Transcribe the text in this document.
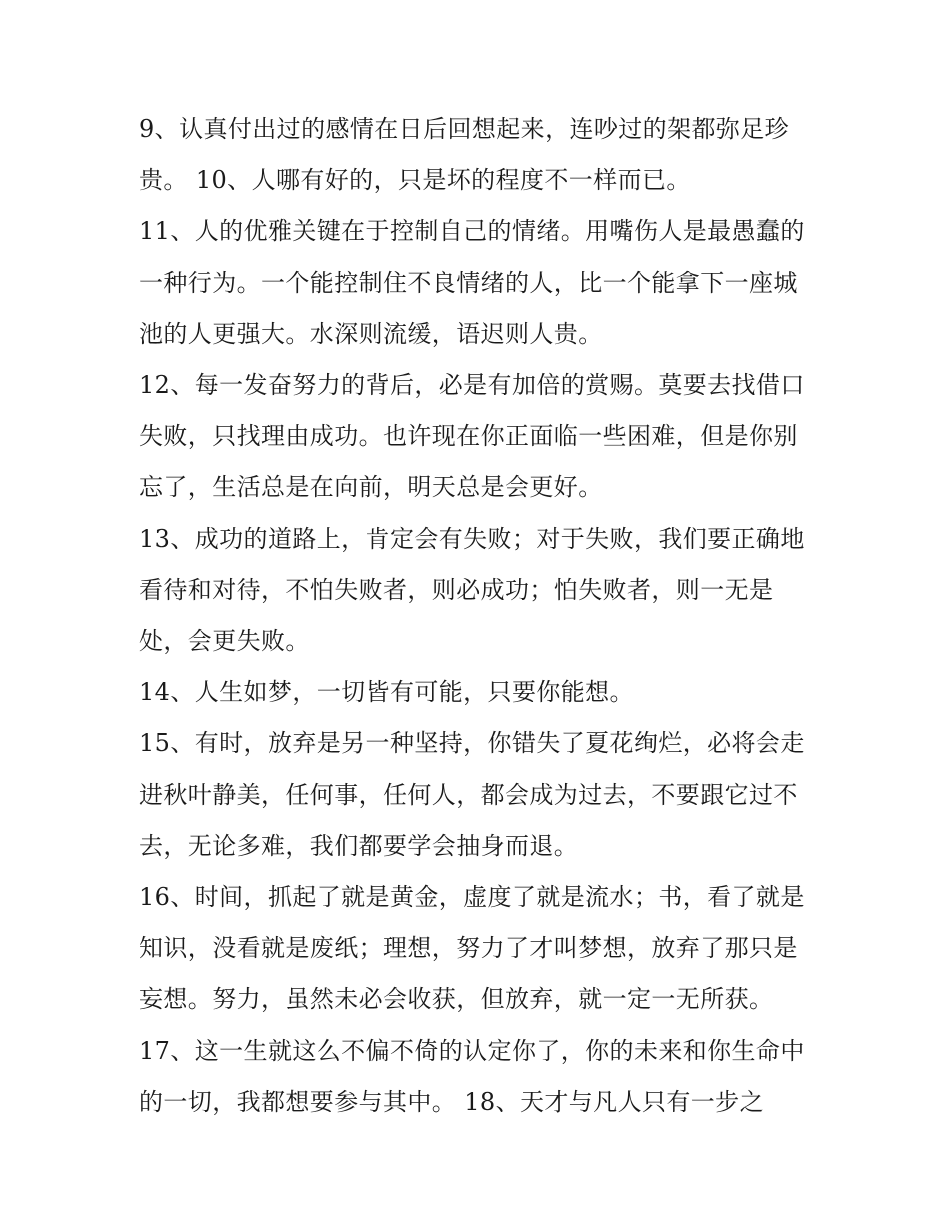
9、认真付出过的感情在日后回想起来，连吵过的架都弥足珍贵。 10、人哪有好的，只是坏的程度不一样而已。

11、人的优雅关键在于控制自己的情绪。用嘴伤人是最愚蠢的一种行为。一个能控制住不良情绪的人，比一个能拿下一座城池的人更强大。水深则流缓，语迟则人贵。

12、每一发奋努力的背后，必是有加倍的赏赐。莫要去找借口失败，只找理由成功。也许现在你正面临一些困难，但是你别忘了，生活总是在向前，明天总是会更好。

13、成功的道路上，肯定会有失败；对于失败，我们要正确地看待和对待，不怕失败者，则必成功；怕失败者，则一无是处，会更失败。

14、人生如梦，一切皆有可能，只要你能想。

15、有时，放弃是另一种坚持，你错失了夏花绚烂，必将会走进秋叶静美，任何事，任何人，都会成为过去，不要跟它过不去，无论多难，我们都要学会抽身而退。

16、时间，抓起了就是黄金，虚度了就是流水；书，看了就是知识，没看就是废纸；理想，努力了才叫梦想，放弃了那只是妄想。努力，虽然未必会收获，但放弃，就一定一无所获。

17、这一生就这么不偏不倚的认定你了，你的未来和你生命中的一切，我都想要参与其中。 18、天才与凡人只有一步之
